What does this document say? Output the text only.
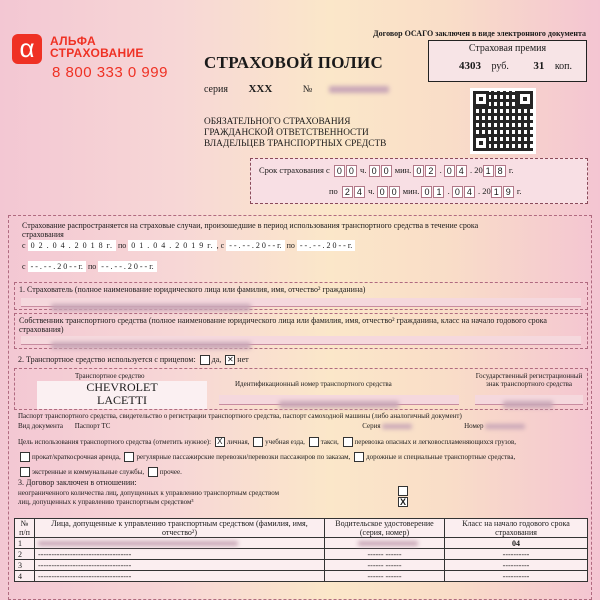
α	АЛЬФА
СТРАХОВАНИЕ
8 800 333 0 999
Договор ОСАГО заключен в виде электронного документа
Страховая премия
4303 руб. 31 коп.
СТРАХОВОЙ ПОЛИС
серия ХХХ	№
ОБЯЗАТЕЛЬНОГО СТРАХОВАНИЯ
ГРАЖДАНСКОЙ ОТВЕТСТВЕННОСТИ
ВЛАДЕЛЬЦЕВ ТРАНСПОРТНЫХ СРЕДСТВ
Срок страхования с 0 0 ч. 0 0 мин. 0 2 . 0 4 . 20 1 8 г.
по 2 4 ч. 0 0 мин. 0 1 . 0 4 . 20 1 9 г.
Страхование распространяется на страховые случаи, произошедшие в период использования транспортного средства в течение срока страхования
с 0 2 . 0 4 . 2 0 1 8 г. по 0 1 . 0 4 . 2 0 1 9 г. , с - - . - - . 2 0 - - г. по - - . - - . 2 0 - - г.
с - - . - - . 2 0 - - г. по - - . - - . 2 0 - - г.
1. Страхователь (полное наименование юридического лица или фамилия, имя, отчество² гражданина)
Собственник транспортного средства (полное наименование юридического лица или фамилия, имя, отчество² гражданина, класс на начало годового срока страхования)
2. Транспортное средство используется с прицепом: да, ✕ нет
Транспортное средство
CHEVROLET
LACETTI
Идентификационный номер транспортного средства
Государственный регистрационный знак транспортного средства
Паспорт транспортного средства, свидетельство о регистрации транспортного средства, паспорт самоходной машины (либо аналогичный документ)
Вид документа Паспорт ТС	Серия	Номер
Цель использования транспортного средства (отметить нужное): X личная, учебная езда, такси, перевозка опасных и легковоспламеняющихся грузов,
прокат/краткосрочная аренда, регулярные пассажирские перевозки/перевозки пассажиров по заказам, дорожные и специальные транспортные средства,
экстренные и коммунальные службы, прочее.
3. Договор заключен в отношении:
неограниченного количества лиц, допущенных к управлению транспортным средством
лиц, допущенных к управлению транспортным средством³	X
№ п/п	Лица, допущенные к управлению транспортным средством (фамилия, имя, отчество²)	Водительское удостоверение (серия, номер)	Класс на начало годового срока страхования
1			04
2	-----------------------------------	------ ------	----------
3	-----------------------------------	------ ------	----------
4	-----------------------------------	------ ------	----------
